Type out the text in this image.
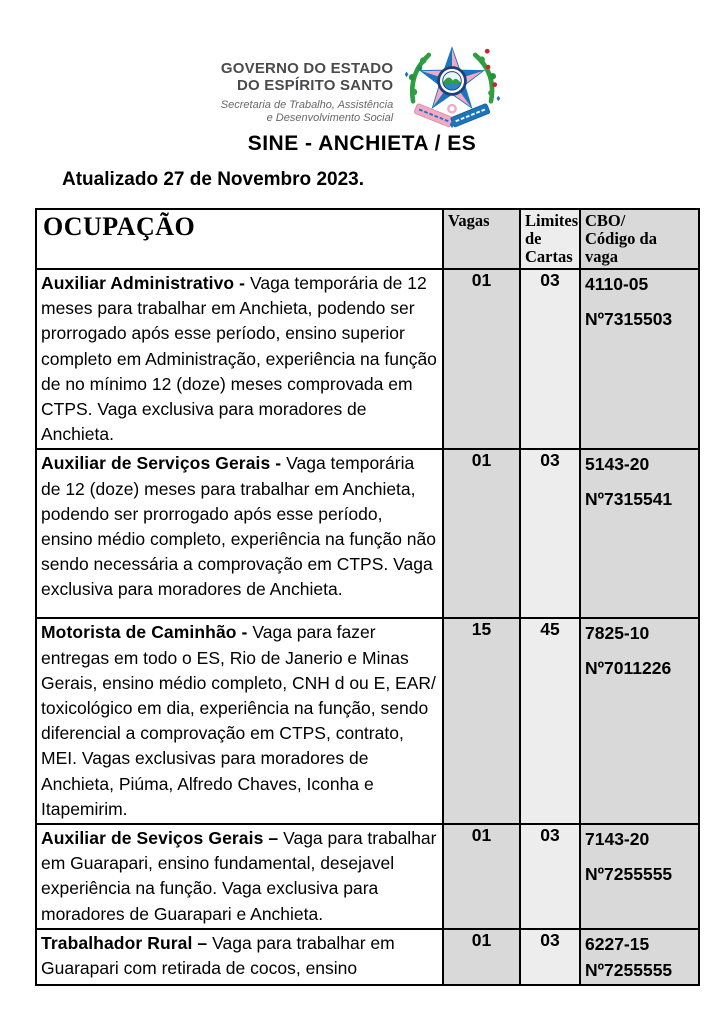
GOVERNO DO ESTADO
DO ESPÍRITO SANTO
Secretaria de Trabalho, Assistência
e Desenvolvimento Social
SINE - ANCHIETA / ES
Atualizado 27 de Novembro 2023.
OCUPAÇÃO	Vagas	Limites de Cartas	CBO/
Código da vaga

Auxiliar Administrativo - Vaga temporária de 12 meses para trabalhar em Anchieta, podendo ser prorrogado após esse período, ensino superior completo em Administração, experiência na função de no mínimo 12 (doze) meses comprovada em CTPS. Vaga exclusiva para moradores de Anchieta.	01	03	4110-05
Nº7315503

Auxiliar de Serviços Gerais - Vaga temporária de 12 (doze) meses para trabalhar em Anchieta, podendo ser prorrogado após esse período, ensino médio completo, experiência na função não sendo necessária a comprovação em CTPS. Vaga exclusiva para moradores de Anchieta.	01	03	5143-20
Nº7315541

Motorista de Caminhão - Vaga para fazer entregas em todo o ES, Rio de Janerio e Minas Gerais, ensino médio completo, CNH d ou E, EAR/ toxicológico em dia, experiência na função, sendo diferencial a comprovação em CTPS, contrato, MEI. Vagas exclusivas para moradores de Anchieta, Piúma, Alfredo Chaves, Iconha e Itapemirim.	15	45	7825-10
Nº7011226

Auxiliar de Seviços Gerais – Vaga para trabalhar em Guarapari, ensino fundamental, desejavel experiência na função. Vaga exclusiva para moradores de Guarapari e Anchieta.	01	03	7143-20
Nº7255555

Trabalhador Rural – Vaga para trabalhar em Guarapari com retirada de cocos, ensino	01	03	6227-15
Nº7255555
